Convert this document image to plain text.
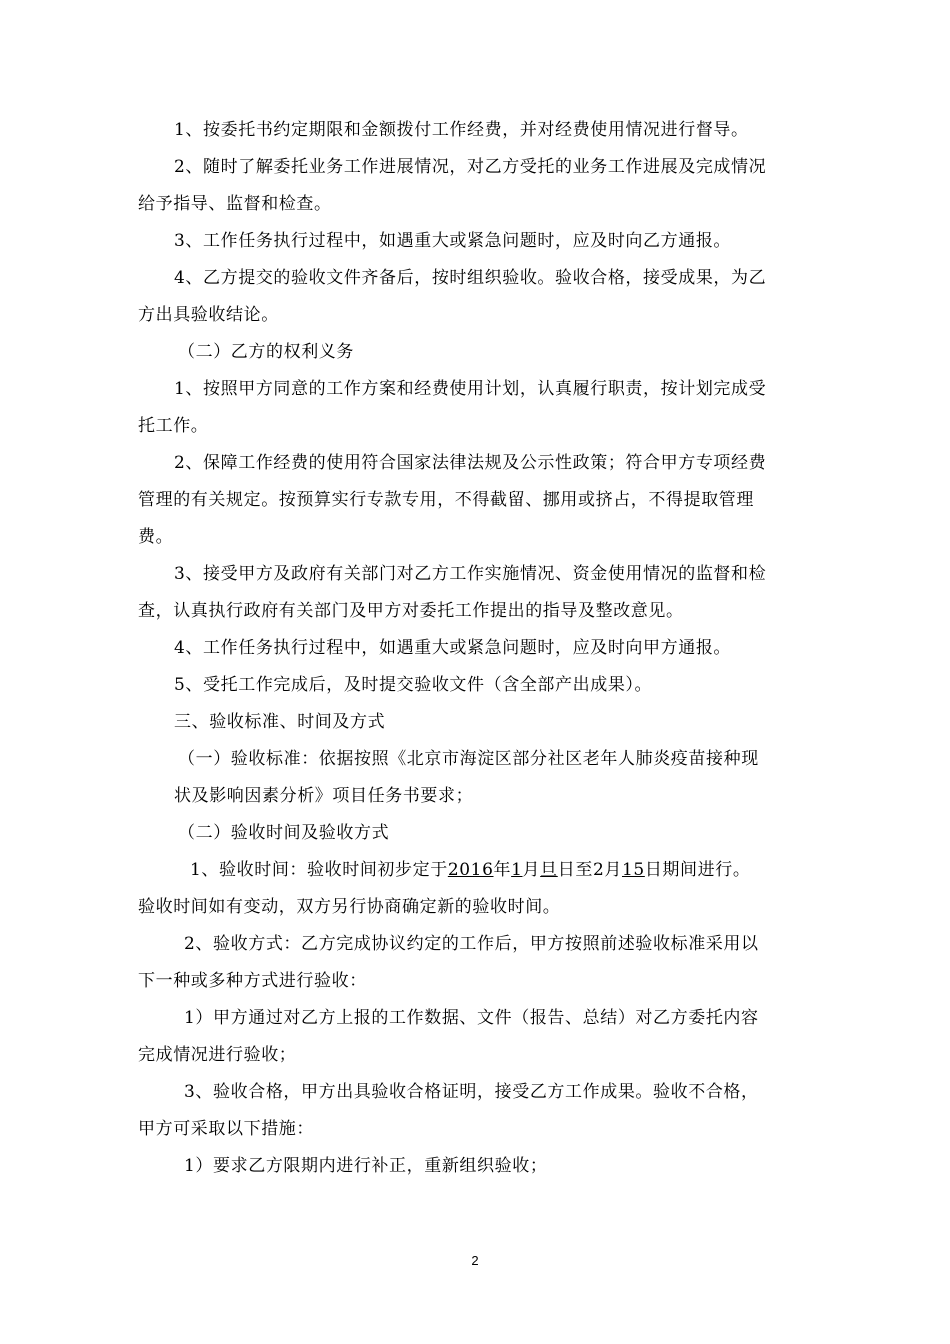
1、按委托书约定期限和金额拨付工作经费，并对经费使用情况进行督导。
2、随时了解委托业务工作进展情况，对乙方受托的业务工作进展及完成情况
给予指导、监督和检查。
3、工作任务执行过程中，如遇重大或紧急问题时，应及时向乙方通报。
4、乙方提交的验收文件齐备后，按时组织验收。验收合格，接受成果，为乙
方出具验收结论。
（二）乙方的权利义务
1、按照甲方同意的工作方案和经费使用计划，认真履行职责，按计划完成受
托工作。
2、保障工作经费的使用符合国家法律法规及公示性政策；符合甲方专项经费
管理的有关规定。按预算实行专款专用，不得截留、挪用或挤占，不得提取管理
费。
3、接受甲方及政府有关部门对乙方工作实施情况、资金使用情况的监督和检
查，认真执行政府有关部门及甲方对委托工作提出的指导及整改意见。
4、工作任务执行过程中，如遇重大或紧急问题时，应及时向甲方通报。
5、受托工作完成后，及时提交验收文件（含全部产出成果）。
三、验收标准、时间及方式
（一）验收标准：依据按照《北京市海淀区部分社区老年人肺炎疫苗接种现
状及影响因素分析》项目任务书要求；
（二）验收时间及验收方式
1、验收时间：验收时间初步定于2016年1月旦日至2月15日期间进行。
验收时间如有变动，双方另行协商确定新的验收时间。
2、验收方式：乙方完成协议约定的工作后，甲方按照前述验收标准采用以
下一种或多种方式进行验收：
1）甲方通过对乙方上报的工作数据、文件（报告、总结）对乙方委托内容
完成情况进行验收；
3、验收合格，甲方出具验收合格证明，接受乙方工作成果。验收不合格，
甲方可采取以下措施：
1）要求乙方限期内进行补正，重新组织验收；
2
